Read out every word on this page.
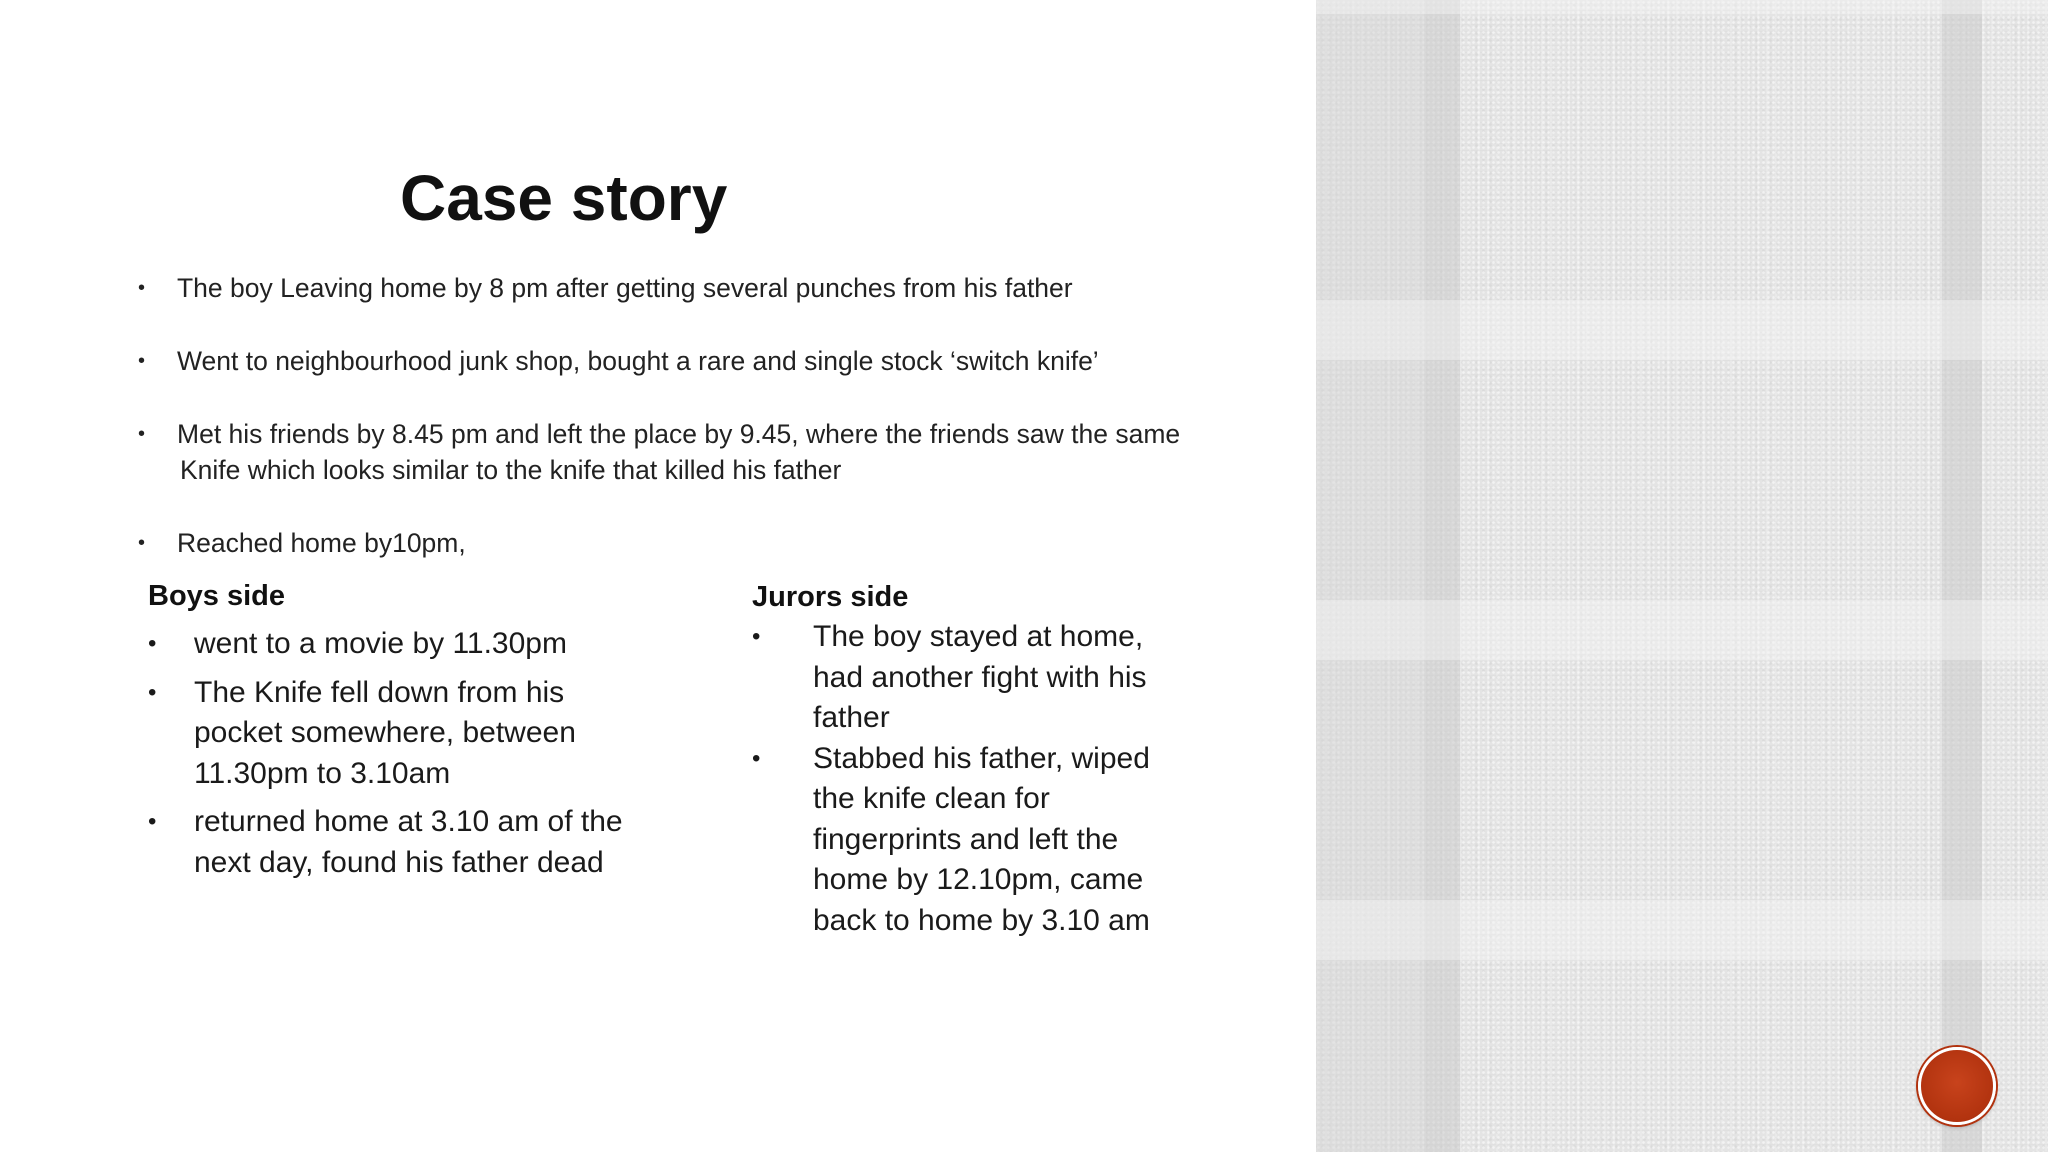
Case story
• The boy Leaving home by 8 pm after getting several punches from his father
• Went to neighbourhood junk shop, bought a rare and single stock ‘switch knife’
• Met his friends by 8.45 pm and left the place by 9.45, where the friends saw the same
Knife which looks similar to the knife that killed his father
• Reached home by10pm,
Boys side
• went to a movie by 11.30pm
• The Knife fell down from his
pocket somewhere, between
11.30pm to 3.10am
• returned home at 3.10 am of the
next day, found his father dead
Jurors side
• The boy stayed at home,
had another fight with his
father
• Stabbed his father, wiped
the knife clean for
fingerprints and left the
home by 12.10pm, came
back to home by 3.10 am
